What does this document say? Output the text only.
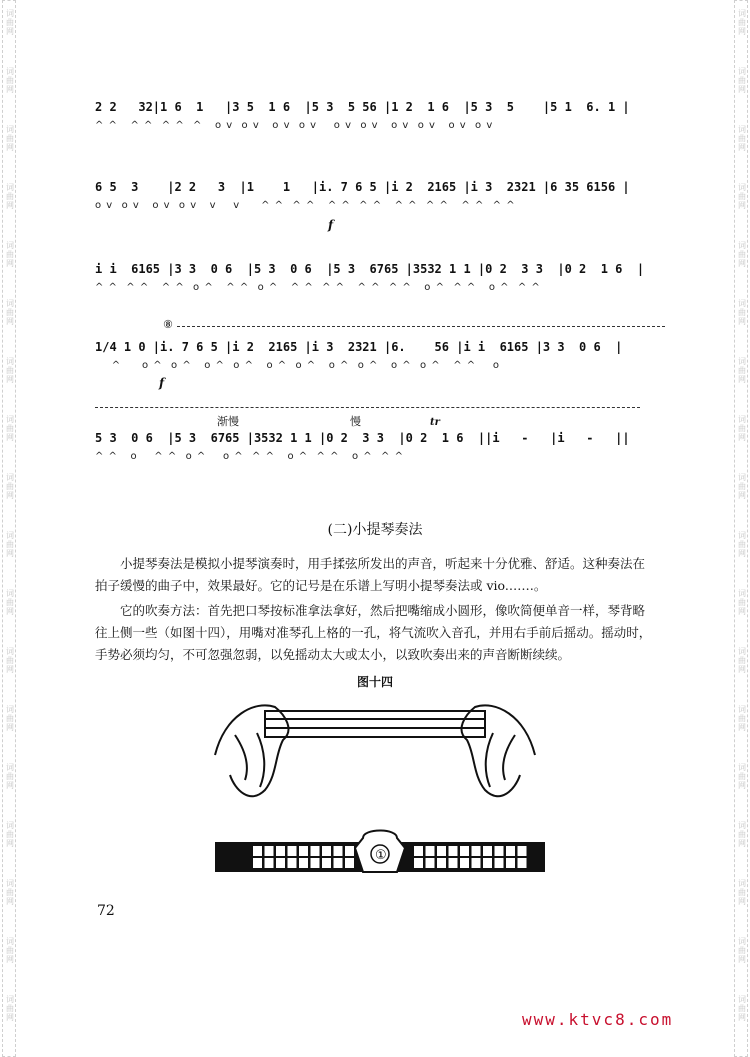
词
曲
网
词
曲
网
词
曲
网
词
曲
网
词
曲
网
词
曲
网
词
曲
网
词
曲
网
词
曲
网
词
曲
网
词
曲
网
词
曲
网
词
曲
网
词
曲
网
词
曲
网
词
曲
网
词
曲
网
词
曲
网
词
曲
网
词
曲
网
词
曲
网
词
曲
网
词
曲
网
词
曲
网
词
曲
网
词
曲
网
词
曲
网
词
曲
网
词
曲
网
词
曲
网
词
曲
网
词
曲
网
词
曲
网
词
曲
网
词
曲
网
词
曲
网
2 2   32|1 6  1   |3 5  1 6  |5 3  5 56 |1 2  1 6  |5 3  5    |5 1  6. 1 |
^ ^   ^ ^  ^ ^  ^   o v  o v   o v  o v    o v  o v   o v  o v   o v  o v
6 5  3    |2 2   3  |1    1   |i. 7 6 5 |i 2  2165 |i 3  2321 |6 35 6156 |
o v  o v   o v  o v   v    v     ^ ^  ^ ^   ^ ^  ^ ^   ^ ^  ^ ^   ^ ^  ^ ^
f
i i  6165 |3 3  0 6  |5 3  0 6  |5 3  6765 |3532 1 1 |0 2  3 3  |0 2  1 6  |
^ ^  ^ ^   ^ ^  o ^   ^ ^  o ^   ^ ^  ^ ^   ^ ^  ^ ^   o ^  ^ ^   o ^  ^ ^
⑧
1/4 1 0 |i. 7 6 5 |i 2  2165 |i 3  2321 |6.    56 |i i  6165 |3 3  0 6  |
^     o ^  o ^   o ^  o ^   o ^  o ^   o ^  o ^   o ^  o ^   ^ ^    o
f
渐慢	慢	tr
5 3  0 6  |5 3  6765 |3532 1 1 |0 2  3 3  |0 2  1 6  ||i   -   |i   -   ||
^ ^   o    ^ ^  o ^    o ^  ^ ^   o ^  ^ ^   o ^  ^ ^
(二)小提琴奏法
小提琴奏法是模拟小提琴演奏时，用手揉弦所发出的声音，听起来十分优雅、舒适。这种奏法在拍子缓慢的曲子中，效果最好。它的记号是在乐谱上写明小提琴奏法或 vio.……。
它的吹奏方法：首先把口琴按标准拿法拿好，然后把嘴缩成小圆形，像吹简便单音一样，琴背略往上侧一些（如图十四），用嘴对准琴孔上格的一孔，将气流吹入音孔，并用右手前后摇动。摇动时，手势必须均匀，不可忽强忽弱，以免摇动太大或太小，以致吹奏出来的声音断断续续。
图十四
①
72
www.ktvc8.com
